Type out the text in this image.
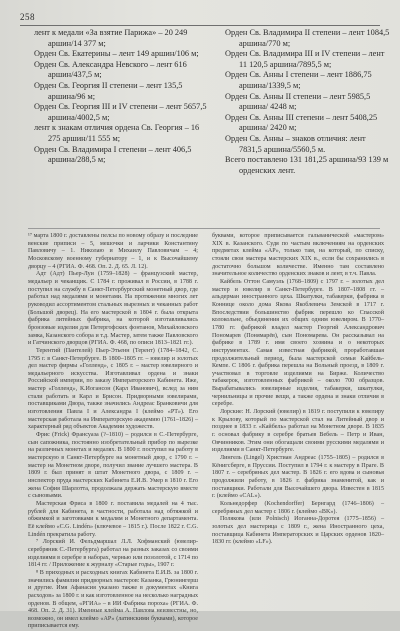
258

лент к медали «За взятие Парижа» – 20 249 аршин/14 377 м;

Орден Св. Екатерины – лент 149 аршин/106 м;

Орден Св. Александра Невского – лент 616 аршин/437,5 м;

Орден Св. Георгия II степени – лент 135,5 аршина/96 м;

Орден Св. Георгия III и IV степени – лент 5657,5 аршина/4002,5 м;

лент к знакам отличия ордена Св. Георгия – 16 275 аршин/11 555 м;

Орден Св. Владимира I степени – лент 406,5 аршина/288,5 м;

Орден Св. Владимира II степени – лент 1084,5 аршина/770 м;

Орден Св. Владимира III и IV степени – лент 11 120,5 аршина/7895,5 м;

Орден Св. Анны I степени – лент 1886,75 аршина/1339,5 м;

Орден Св. Анны II степени – лент 5985,5 аршина/ 4248 м;

Орден Св. Анны III степени – лент 5408,25 аршина/ 2420 м;

Орден Св. Анны – знаков отличия: лент 7831,5 аршина/5560,5 м.

Всего поставлено 131 181,25 аршина/93 139 м орденских лент.

¹⁷ марта 1800 г. доставлены пелсы по новому образу и последние венские приписи – 5, мешочки и ларчики Константину Павловичу – 1. Николаю и Михаилу Павловичам – 4; Московскому военному губернатору – 1, и к Высочайшему дворцу – 4 (РГИА. Ф. 468. Оп. 2. Д. 65. Л. 12).

Адт (Адт) Пьер-Луи (1759–1828) – французский мастер, медальер и чеканщик. С 1784 г. проживал в России, в 1788 г. поступил на службу в Санкт-Петербургский монетный двор, где работал над медалями и монетами. На протяжении многих лет руководил ассортиментом стальных вырезных и чеканных работ (Большой дворец). На его мастерской в 1804 г. была открыта фабрика литейных фабрика, на которой изготавливались бронзовые изделия для Петергофских фонтанов, Михайловского замка, Казанского собора и т.д. Мастер, затем также Павловского и Гатчинского дворцов (РГИА. Ф. 468, по описи 1813–1821 гг.).

Терентий (Пантелей) Пьер-Этьенн (Терент) (1784–1842, С. 1795 г. в Санкт-Петербурге. В 1800–1805 гг. – ювелир и золотых дел мастер фирмы «Голленд», с 1805 г. – мастер ювелирного и медальерного искусства. Изготавливал ордена и знаки Российской империи, по заказу Императорского Кабинета. Иже, мастер «Голленд», К.Иогансон (Карл Иванович), вслед за ним стали работать и Карл и Брисон. Придворными ювелирами, поставщиками Двора, также значились Андреас Бранковичи для изготовления Павла I и Александра I (клеймо «РТ»). Его мастерская работала на Императорскую академию (1761–1826) – характерный ряд объектов Академии художеств.

Фрис (Frick) Франсуаза (?–1810) – родился в С.-Петербурге, сын сапожника, постоянно изобретательный прибор по вырезке на различных монетах и медалях. В 1800 г. поступил на работу в мастерскую в Санкт-Петербурге на монетный двор, с 1790 г. – мастер на Монетном дворе, получил звание лучшего мастера. В 1809 г. был принят в штат Монетного двора, с 1809 г. – инспектор пруда мастерских Кабинета Е.И.В. Умер в 1810 г. Его жена София Шарлотта, продолжала держать мастерскую вместе с сыновьями.

Мастерская Фриса в 1800 г. поставила медалей на 4 тыс. рублей для Кабинета, в частности, работала над обтяжкой и обжимкой и заготовками к медалям и Монетного департамента. Её клеймо «С.G. Lindén» (ключевое – 1815 г.). После 1822 г. С.G. Lindén прекратила работу.

⁷ Лорский И. Фельдмаршал Л.Л. Хофманский (ювелир-серебряник С.-Петербурга) работал на разных заказах со своими изделиями в серебре в наборах, чернью или позолотой, с 1714 по 1814 гг. / Приложение к журналу «Старые годы», 1907 г.

⁸ В приходных и расходных книгах Кабинета Е.И.В. за 1800 г. значились фамилии придворных мастеров: Казанка, Грюнингерш и другие. Имя Афанасия указано также в документах «Книга расходов» за 1800 г. и как изготовленное на несколько наградных орденов. В общем, «РГИА» – в ИИ Фабрика пороха» (РГИА. Ф. 468. Оп. 2. Д. 31). Именные клейма А. Павлова неизвестны, но, возможно, он имел клеймо «АР» (латинскими буквами), которое приписывается ему.

буквами, которое приписывается гальванической «мастером» XIX в. Казанского. Судя по частым включениям на орденских предметах клейма «АР», только там, на который, по списку, стояли свои мастера мастерских XIX в., если бы сохранились в достаточно большом количестве. Именно там составлено значительное количество орденских знаков и лент, в т.ч. Павла.

Кайбель Оттон Самуэль (1768–1809) с 1797 г. – золотых дел мастер и ювелир в Санкт-Петербурге. В 1807–1808 гг. – альдерман иностранного цеха. Шкатулки, табакерки, фабрика в Коннице около дома Якова Якоблевича Земской в 1717 г. Впоследствии большинство фабрик перешло ко Спасской колокольне, объединения их общих одним ювелиром. В 1770–1780 гг. фабрикой владел мастер Георгий Александрович Пономарев (Понямарёв), сын Пономарева. Он рассказывал на фабрике в 1789 г. имя своего хозяина и о некоторых инструментах. Самая известная фабрикой, проработавшая продолжительный период, была мастерской семьи Кайбель-Кемпе. С 1806 г. фабрика перешла на Вольный проезд, в 1809 г. участвовал в торговле изделиями на Бирже. Количество табакерок, изготовленных фабрикой – около 700 образцов. Вырабатывались ювелирные изделия, табакерки, шкатулки, чернильницы и прочие вещи, а также ордена и знаки отличия в серебре.

Лорские: Н. Лорский (ювелир) в 1819 г. поступили к ювелиру к Крылову, который по мастерской стал на Литейный двор и позднее в 1833 г. «Кайбель» работал на Монетном дворе. В 1835 г. основал фабрику в серебре братьев Вебель – Петр и Иван, Овчинников. Этим они обогащали своими русскими медалями и изделиями в Санкт-Петербурге.

Лингель (Lingel) Христиан Андреас (1755–1805) – родился в Кёнигсберге, в Пруссии. Поступил в 1794 г. к мастеру в Праге. В 1807 г. – серебряных дел мастер. В 1826 г. его вдова и сыновья продолжили работу, в 1826 г. фабрика знаменитой, как и поставщики. Работали для Высочайшего двора. Известен в 1815 г. (клеймо «CAL»).

Кольнедорфер (Kochendorffer) Бернгард (1746–1806) – серебряных дел мастер с 1806 г. (клеймо «BK»).

Полякова (или Polnisch) Иоганна-Доротея (1775–1856) – золотых дел мастерица с 1809 г., жена Иностранного цеха, поставщица Кабинета Императорских и Царских орденов 1820–1830 гг. (клеймо «LF»).
